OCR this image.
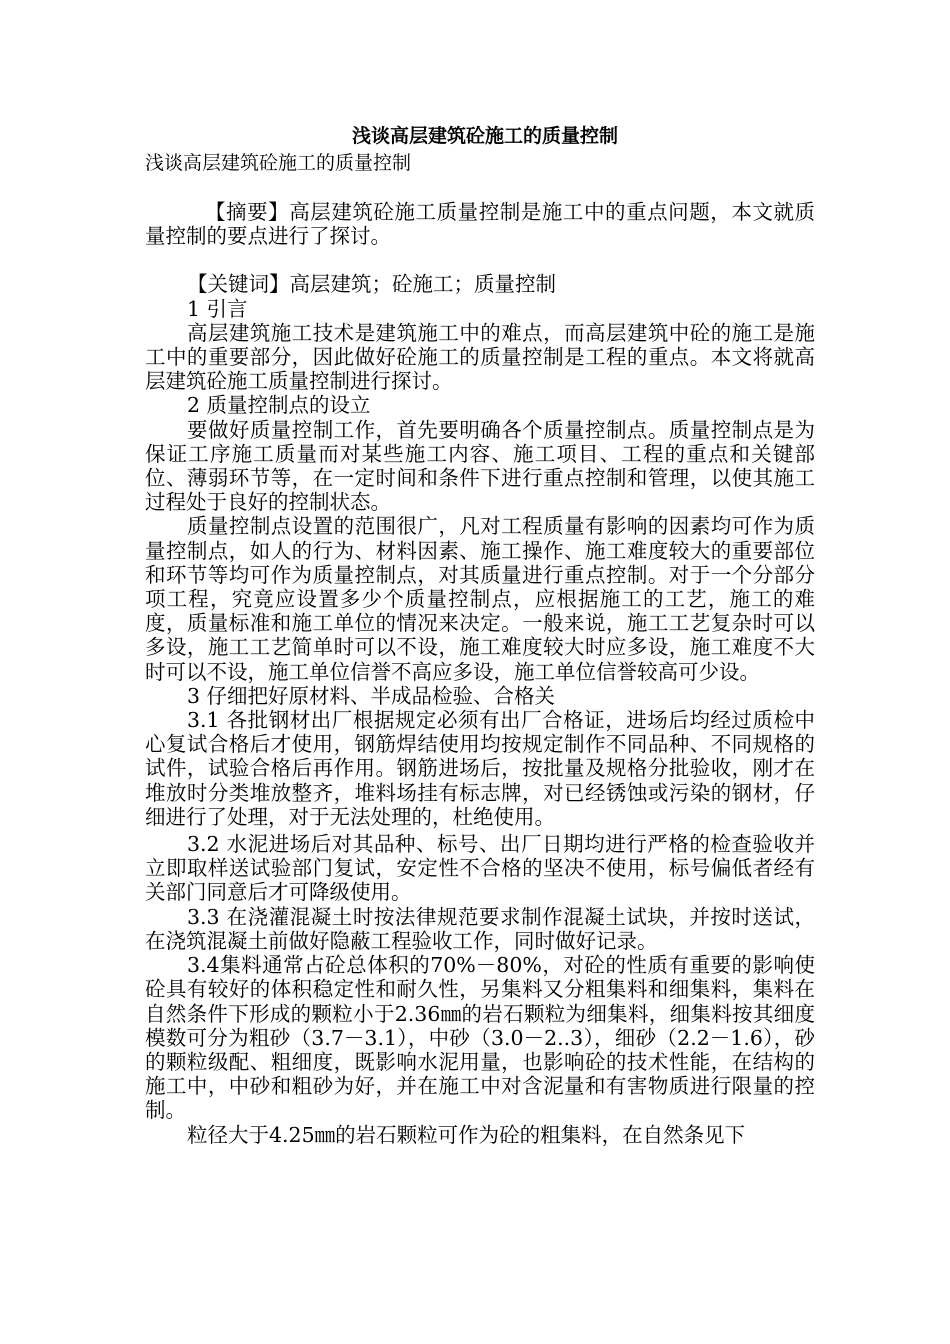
浅谈高层建筑砼施工的质量控制
浅谈高层建筑砼施工的质量控制

【摘要】高层建筑砼施工质量控制是施工中的重点问题，本文就质量控制的要点进行了探讨。

【关键词】高层建筑；砼施工；质量控制

1 引言

高层建筑施工技术是建筑施工中的难点，而高层建筑中砼的施工是施工中的重要部分，因此做好砼施工的质量控制是工程的重点。本文将就高层建筑砼施工质量控制进行探讨。

2 质量控制点的设立

要做好质量控制工作，首先要明确各个质量控制点。质量控制点是为保证工序施工质量而对某些施工内容、施工项目、工程的重点和关键部位、薄弱环节等，在一定时间和条件下进行重点控制和管理，以使其施工过程处于良好的控制状态。

质量控制点设置的范围很广，凡对工程质量有影响的因素均可作为质量控制点，如人的行为、材料因素、施工操作、施工难度较大的重要部位和环节等均可作为质量控制点，对其质量进行重点控制。对于一个分部分项工程，究竟应设置多少个质量控制点，应根据施工的工艺，施工的难度，质量标准和施工单位的情况来决定。一般来说，施工工艺复杂时可以多设，施工工艺简单时可以不设，施工难度较大时应多设，施工难度不大时可以不设，施工单位信誉不高应多设，施工单位信誉较高可少设。

3 仔细把好原材料、半成品检验、合格关

3.1 各批钢材出厂根据规定必须有出厂合格证，进场后均经过质检中心复试合格后才使用，钢筋焊结使用均按规定制作不同品种、不同规格的试件，试验合格后再作用。钢筋进场后，按批量及规格分批验收，刚才在堆放时分类堆放整齐，堆料场挂有标志牌，对已经锈蚀或污染的钢材，仔细进行了处理，对于无法处理的，杜绝使用。

3.2 水泥进场后对其品种、标号、出厂日期均进行严格的检查验收并立即取样送试验部门复试，安定性不合格的坚决不使用，标号偏低者经有关部门同意后才可降级使用。

3.3 在浇灌混凝土时按法律规范要求制作混凝土试块，并按时送试，在浇筑混凝土前做好隐蔽工程验收工作，同时做好记录。

3.4集料通常占砼总体积的70%－80%，对砼的性质有重要的影响使砼具有较好的体积稳定性和耐久性，另集料又分粗集料和细集料，集料在自然条件下形成的颗粒小于2.36㎜的岩石颗粒为细集料，细集料按其细度模数可分为粗砂（3.7－3.1），中砂（3.0－2..3），细砂（2.2－1.6），砂的颗粒级配、粗细度，既影响水泥用量，也影响砼的技术性能，在结构的施工中，中砂和粗砂为好，并在施工中对含泥量和有害物质进行限量的控制。

粒径大于4.25㎜的岩石颗粒可作为砼的粗集料，在自然条见下
